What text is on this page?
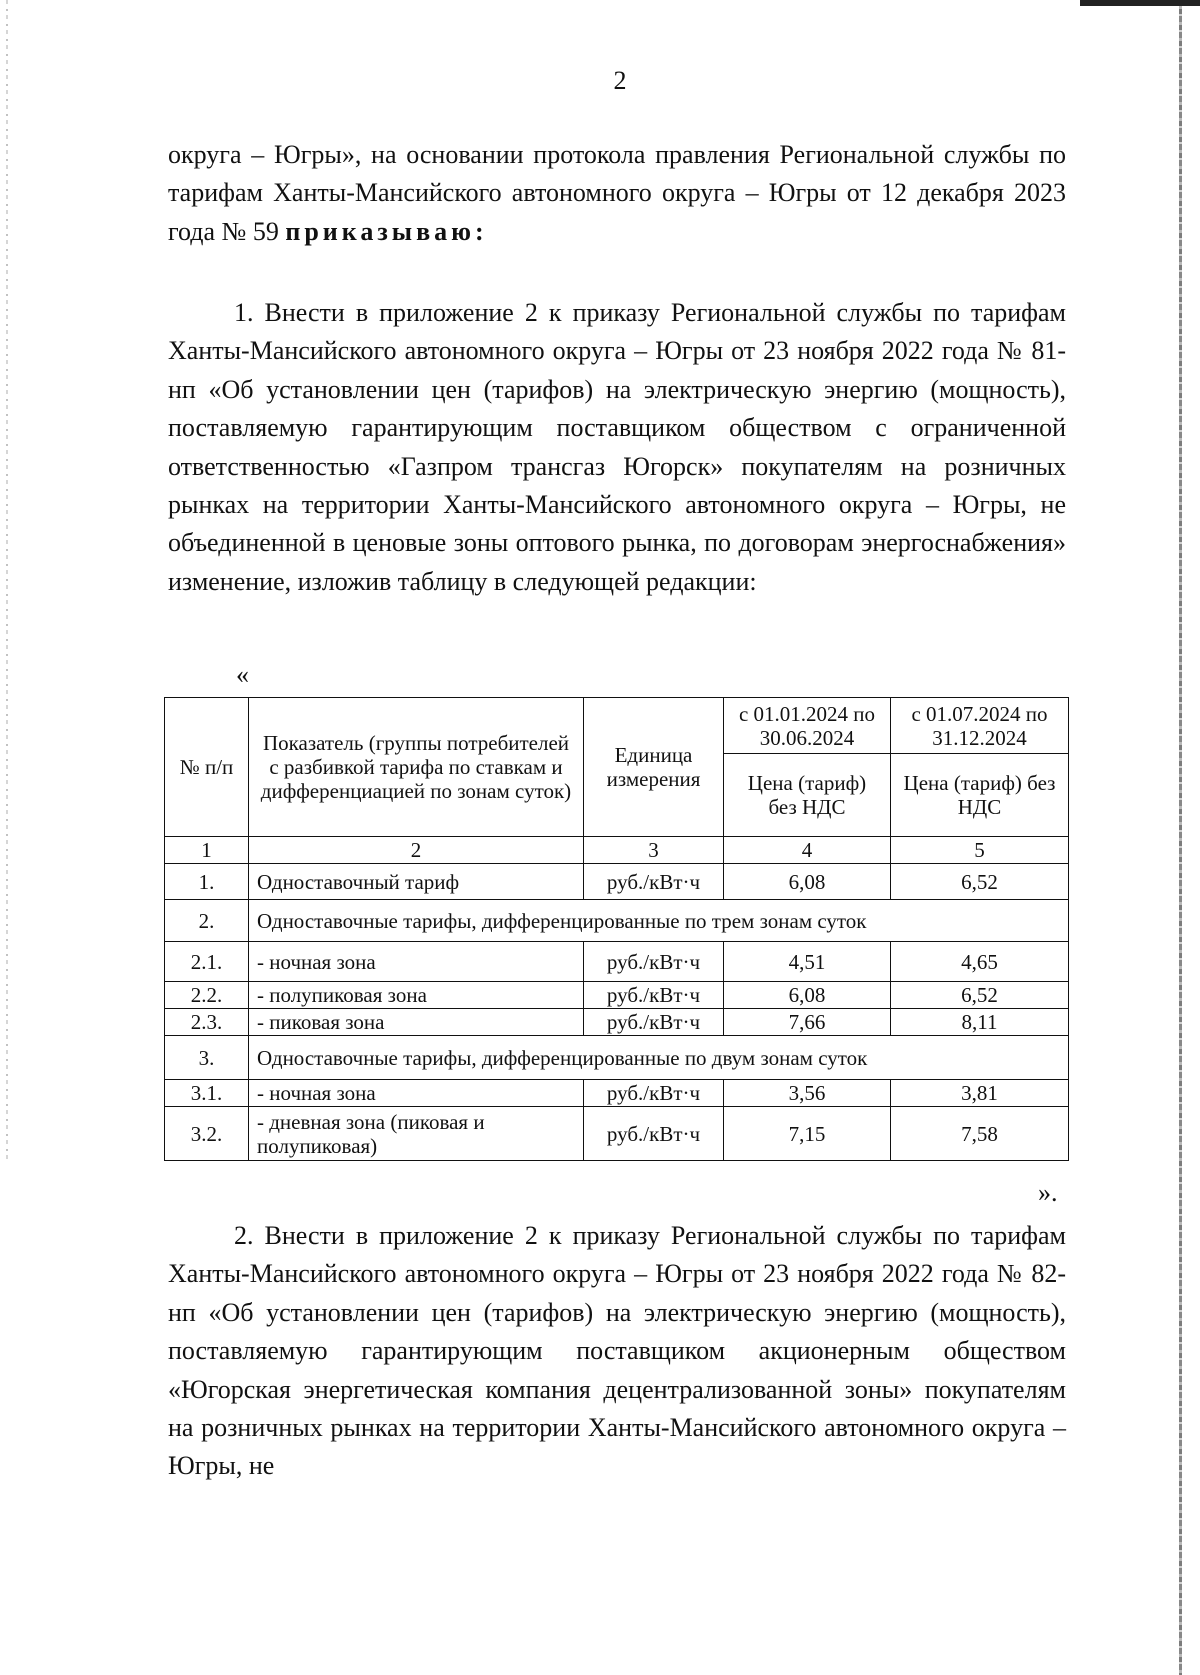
2
округа – Югры», на основании протокола правления Региональной службы по тарифам Ханты-Мансийского автономного округа – Югры от 12 декабря 2023 года № 59 приказываю:
1. Внести в приложение 2 к приказу Региональной службы по тарифам Ханты-Мансийского автономного округа – Югры от 23 ноября 2022 года № 81-нп «Об установлении цен (тарифов) на электрическую энергию (мощность), поставляемую гарантирующим поставщиком обществом с ограниченной ответственностью «Газпром трансгаз Югорск» покупателям на розничных рынках на территории Ханты-Мансийского автономного округа – Югры, не объединенной в ценовые зоны оптового рынка, по договорам энергоснабжения» изменение, изложив таблицу в следующей редакции:
«
№ п/п	Показатель (группы потребителей с разбивкой тарифа по ставкам и дифференциацией по зонам суток)	Единица измерения	с 01.01.2024 по 30.06.2024	с 01.07.2024 по 31.12.2024
			Цена (тариф) без НДС	Цена (тариф) без НДС
1	2	3	4	5
1.	Одноставочный тариф	руб./кВт·ч	6,08	6,52
2.	Одноставочные тарифы, дифференцированные по трем зонам суток			
2.1.	- ночная зона	руб./кВт·ч	4,51	4,65
2.2.	- полупиковая зона	руб./кВт·ч	6,08	6,52
2.3.	- пиковая зона	руб./кВт·ч	7,66	8,11
3.	Одноставочные тарифы, дифференцированные по двум зонам суток			
3.1.	- ночная зона	руб./кВт·ч	3,56	3,81
3.2.	- дневная зона (пиковая и полупиковая)	руб./кВт·ч	7,15	7,58
».
2. Внести в приложение 2 к приказу Региональной службы по тарифам Ханты-Мансийского автономного округа – Югры от 23 ноября 2022 года № 82-нп «Об установлении цен (тарифов) на электрическую энергию (мощность), поставляемую гарантирующим поставщиком акционерным обществом «Югорская энергетическая компания децентрализованной зоны» покупателям на розничных рынках на территории Ханты-Мансийского автономного округа – Югры, не
